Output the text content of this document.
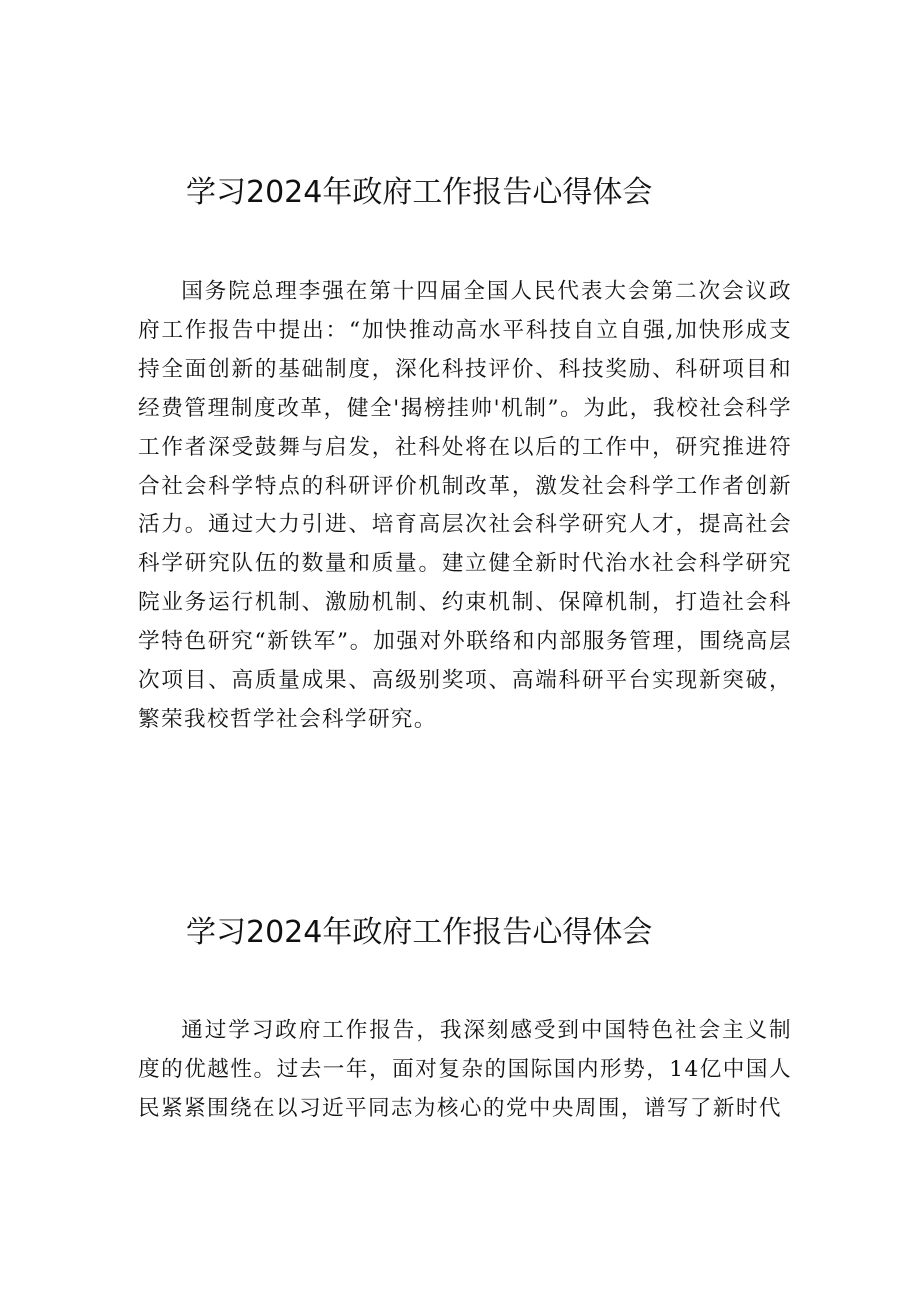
学习2024年政府工作报告心得体会

国务院总理李强在第十四届全国人民代表大会第二次会议政府工作报告中提出：“加快推动高水平科技自立自强,加快形成支持全面创新的基础制度，深化科技评价、科技奖励、科研项目和经费管理制度改革，健全'揭榜挂帅'机制”。为此，我校社会科学工作者深受鼓舞与启发，社科处将在以后的工作中，研究推进符合社会科学特点的科研评价机制改革，激发社会科学工作者创新活力。通过大力引进、培育高层次社会科学研究人才，提高社会科学研究队伍的数量和质量。建立健全新时代治水社会科学研究院业务运行机制、激励机制、约束机制、保障机制，打造社会科学特色研究“新铁军”。加强对外联络和内部服务管理，围绕高层次项目、高质量成果、高级别奖项、高端科研平台实现新突破，繁荣我校哲学社会科学研究。

学习2024年政府工作报告心得体会

通过学习政府工作报告，我深刻感受到中国特色社会主义制度的优越性。过去一年，面对复杂的国际国内形势，14亿中国人民紧紧围绕在以习近平同志为核心的党中央周围，谱写了新时代
